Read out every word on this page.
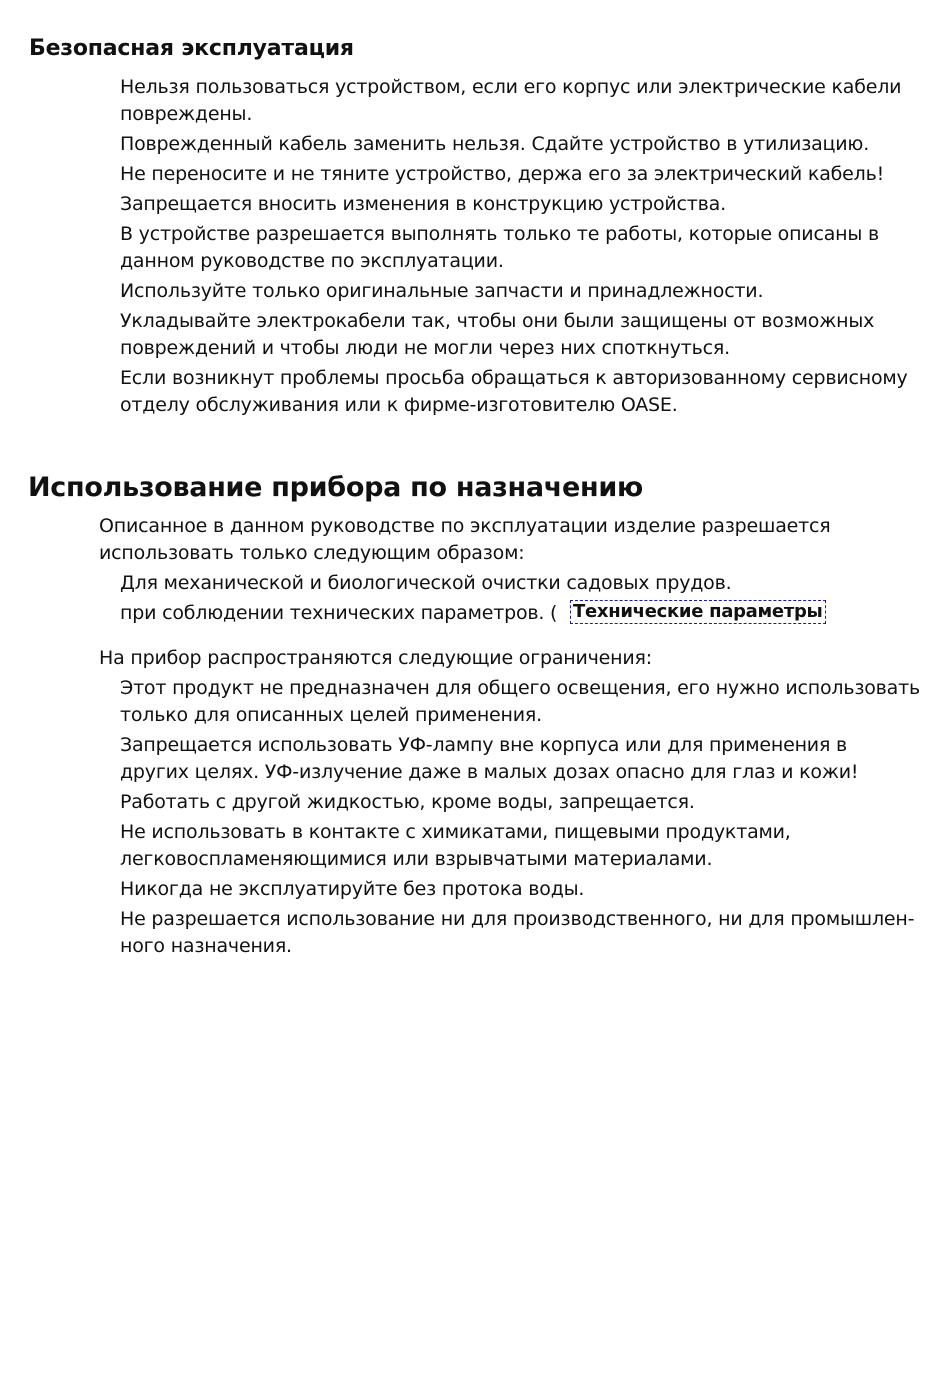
Безопасная эксплуатация
Нельзя пользоваться устройством, если его корпус или электрические кабели повреждены.
Поврежденный кабель заменить нельзя. Сдайте устройство в утилизацию.
Не переносите и не тяните устройство, держа его за электрический кабель!
Запрещается вносить изменения в конструкцию устройства.
В устройстве разрешается выполнять только те работы, которые описаны в данном руководстве по эксплуатации.
Используйте только оригинальные запчасти и принадлежности.
Укладывайте электрокабели так, чтобы они были защищены от возможных повреждений и чтобы люди не могли через них споткнуться.
Если возникнут проблемы просьба обращаться к авторизованному сервисному отделу обслуживания или к фирме-изготовителю OASE.
Использование прибора по назначению

Описанное в данном руководстве по эксплуатации изделие разрешается использовать только следующим образом:

Для механической и биологической очистки садовых прудов.
при соблюдении технических параметров. ( Технические параметры

На прибор распространяются следующие ограничения:

Этот продукт не предназначен для общего освещения, его нужно использовать только для описанных целей применения.
Запрещается использовать УФ-лампу вне корпуса или для применения в других целях. УФ-излучение даже в малых дозах опасно для глаз и кожи!
Работать с другой жидкостью, кроме воды, запрещается.
Не использовать в контакте с химикатами, пищевыми продуктами, легковоспламеняющимися или взрывчатыми материалами.
Никогда не эксплуатируйте без протока воды.
Не разрешается использование ни для производственного, ни для промышленного назначения.
